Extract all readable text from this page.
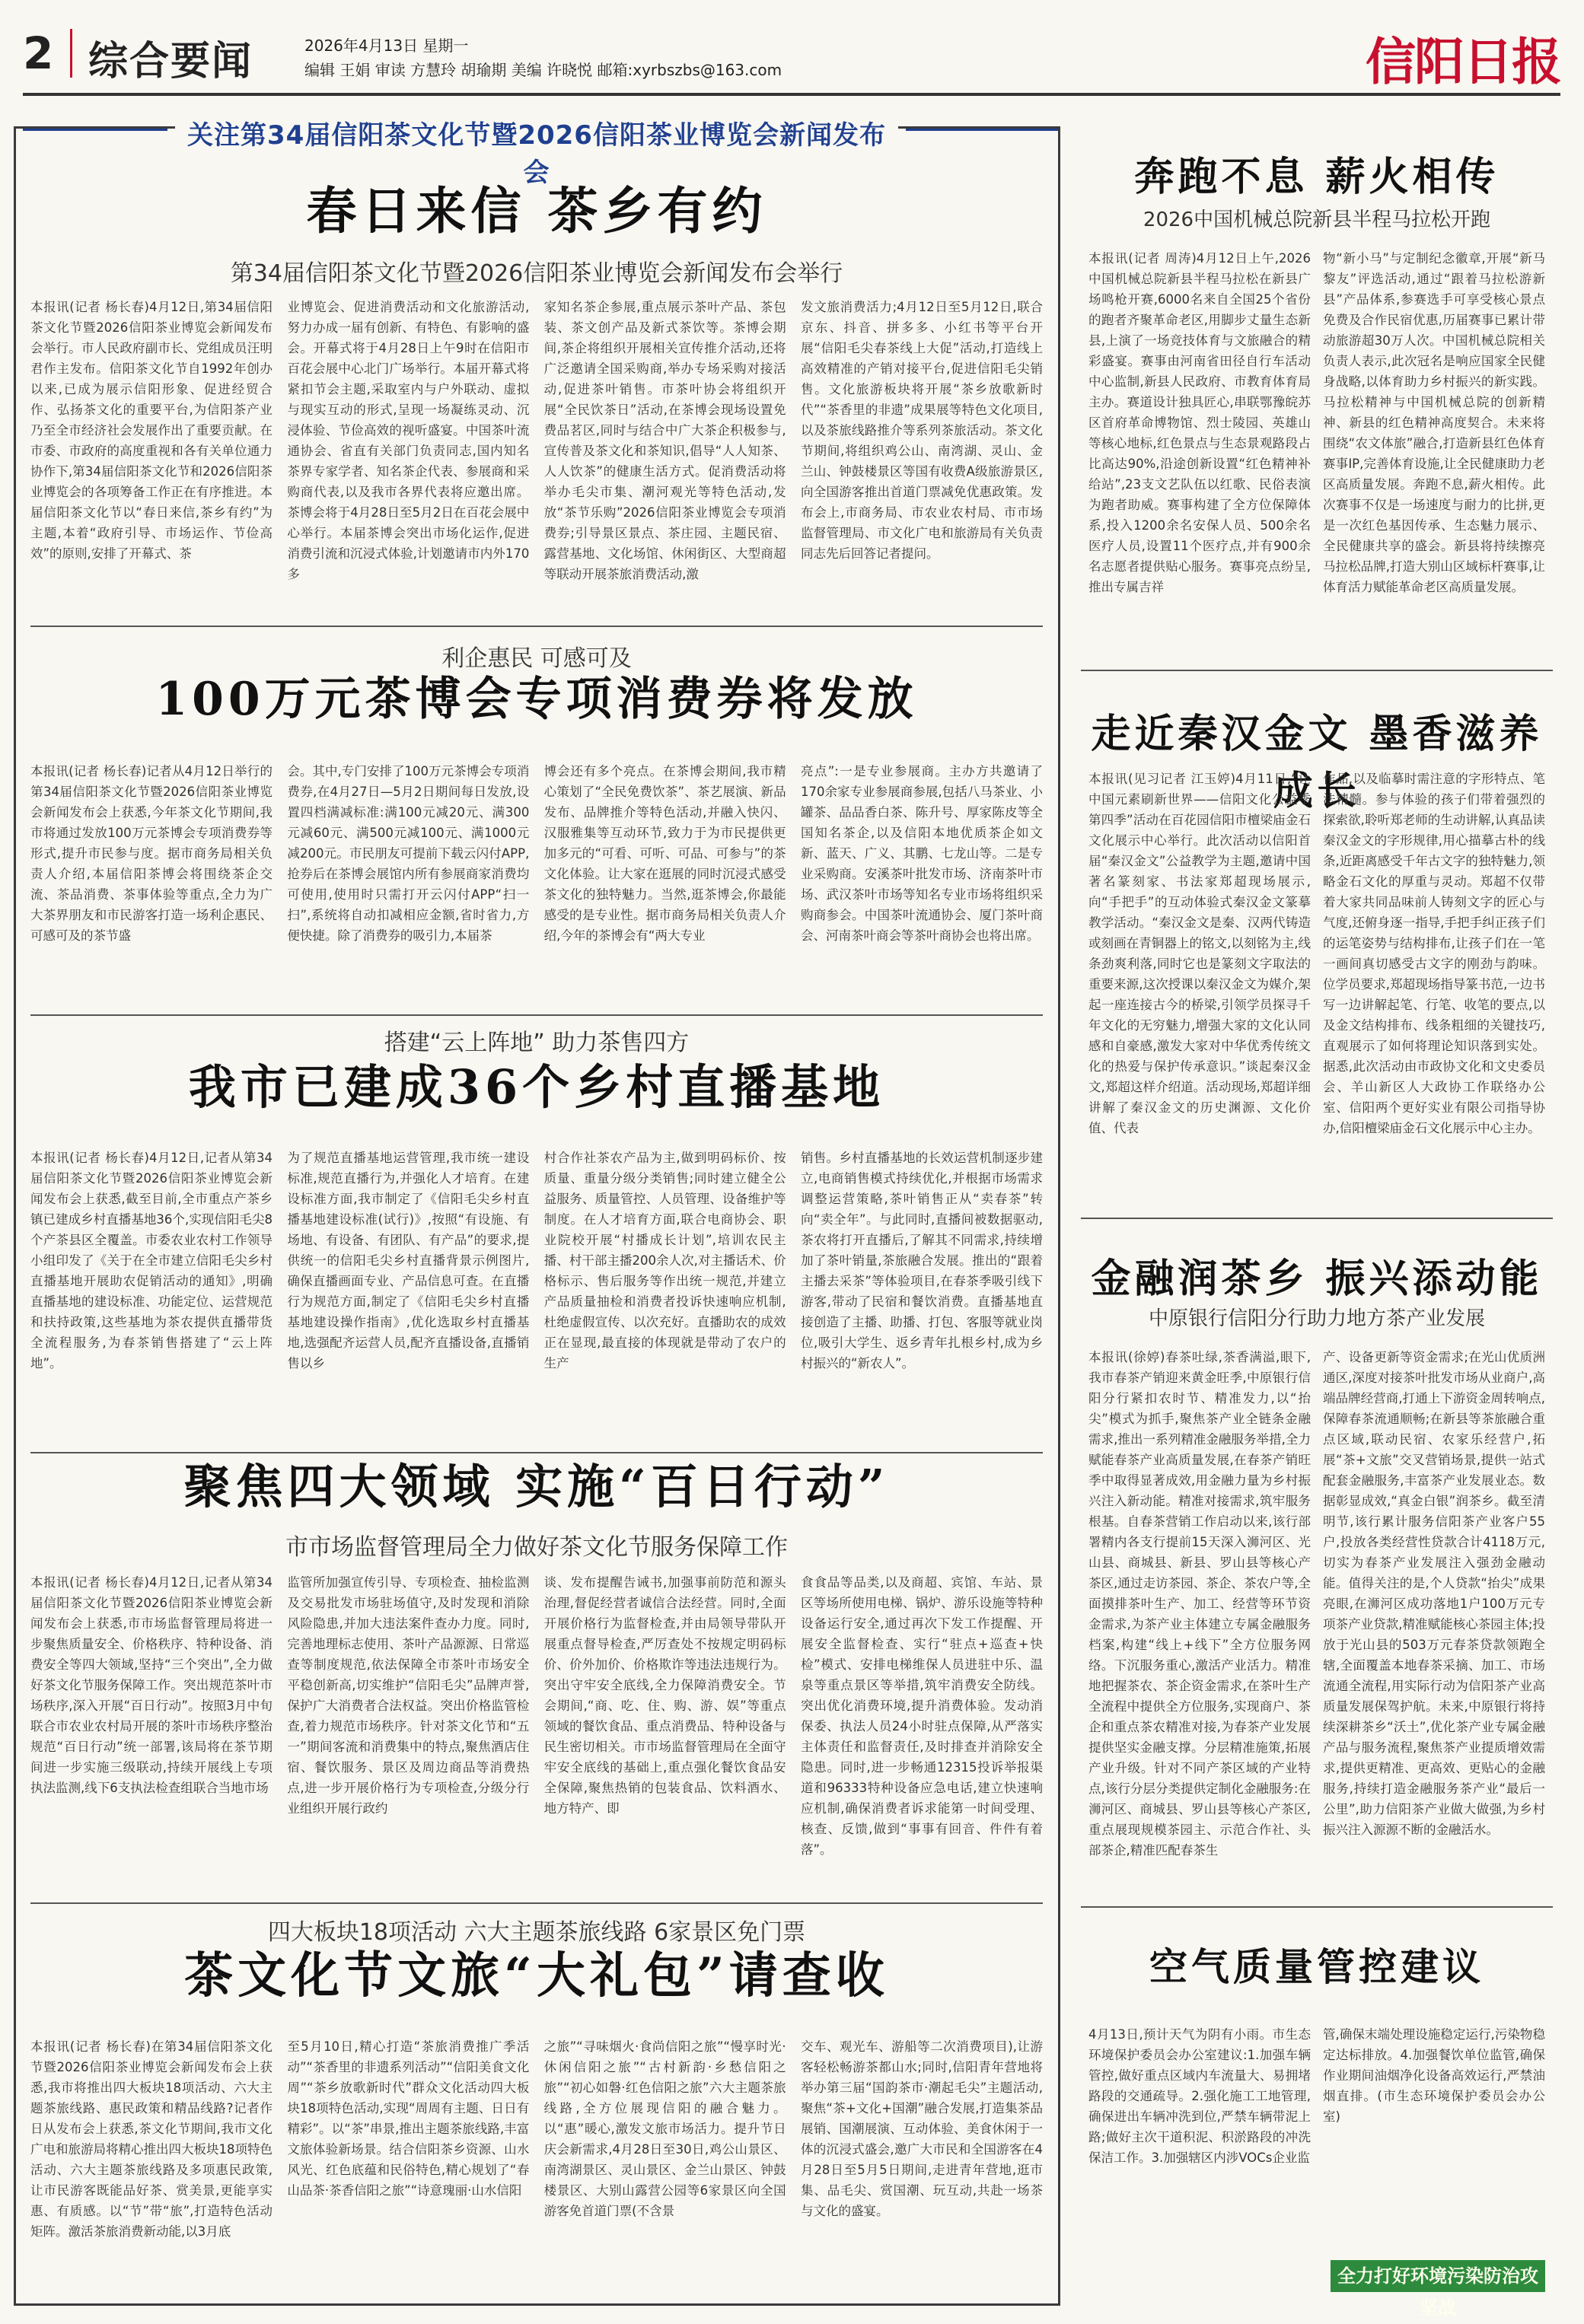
2 综合要闻	2026年4月13日 星期一
编辑 王娟 审读 方慧玲 胡瑜期 美编 许晓悦 邮箱:xyrbszbs@163.com	信阳日报
关注第34届信阳茶文化节暨2026信阳茶业博览会新闻发布会
春日来信 茶乡有约
第34届信阳茶文化节暨2026信阳茶业博览会新闻发布会举行
本报讯(记者 杨长春)4月12日,第34届信阳茶文化节暨2026信阳茶业博览会新闻发布会举行。市人民政府副市长、党组成员汪明君作主发布。信阳茶文化节自1992年创办以来,已成为展示信阳形象、促进经贸合作、弘扬茶文化的重要平台,为信阳茶产业乃至全市经济社会发展作出了重要贡献。在市委、市政府的高度重视和各有关单位通力协作下,第34届信阳茶文化节和2026信阳茶业博览会的各项筹备工作正在有序推进。本届信阳茶文化节以“春日来信,茶乡有约”为主题,本着“政府引导、市场运作、节俭高效”的原则,安排了开幕式、茶
业博览会、促进消费活动和文化旅游活动,努力办成一届有创新、有特色、有影响的盛会。开幕式将于4月28日上午9时在信阳市百花会展中心北门广场举行。本届开幕式将紧扣节会主题,采取室内与户外联动、虚拟与现实互动的形式,呈现一场凝练灵动、沉浸体验、节俭高效的视听盛宴。中国茶叶流通协会、省直有关部门负责同志,国内知名茶界专家学者、知名茶企代表、参展商和采购商代表,以及我市各界代表将应邀出席。茶博会将于4月28日至5月2日在百花会展中心举行。本届茶博会突出市场化运作,促进消费引流和沉浸式体验,计划邀请市内外170多
家知名茶企参展,重点展示茶叶产品、茶包装、茶文创产品及新式茶饮等。茶博会期间,茶企将组织开展相关宣传推介活动,还将广泛邀请全国采购商,举办专场采购对接活动,促进茶叶销售。市茶叶协会将组织开展“全民饮茶日”活动,在茶博会现场设置免费品茗区,同时与结合中广大茶企积极参与,宣传普及茶文化和茶知识,倡导“人人知茶、人人饮茶”的健康生活方式。促消费活动将举办毛尖市集、潮河观光等特色活动,发放“茶节乐购”2026信阳茶业博览会专项消费券;引导景区景点、茶庄园、主题民宿、露营基地、文化场馆、休闲街区、大型商超等联动开展茶旅消费活动,激
发文旅消费活力;4月12日至5月12日,联合京东、抖音、拼多多、小红书等平台开展“信阳毛尖春茶线上大促”活动,打造线上高效精准的产销对接平台,促进信阳毛尖销售。文化旅游板块将开展“茶乡放歌新时代”“茶香里的非遗”成果展等特色文化项目,以及茶旅线路推介等系列茶旅活动。茶文化节期间,将组织鸡公山、南湾湖、灵山、金兰山、钟鼓楼景区等国有收费A级旅游景区,向全国游客推出首道门票减免优惠政策。发布会上,市商务局、市农业农村局、市市场监督管理局、市文化广电和旅游局有关负责同志先后回答记者提问。
利企惠民 可感可及
100万元茶博会专项消费券将发放
本报讯(记者 杨长春)记者从4月12日举行的第34届信阳茶文化节暨2026信阳茶业博览会新闻发布会上获悉,今年茶文化节期间,我市将通过发放100万元茶博会专项消费券等形式,提升市民参与度。据市商务局相关负责人介绍,本届信阳茶博会将围绕茶企交流、茶品消费、茶事体验等重点,全力为广大茶界朋友和市民游客打造一场利企惠民、可感可及的茶节盛
会。其中,专门安排了100万元茶博会专项消费券,在4月27日—5月2日期间每日发放,设置四档满减标准:满100元减20元、满300元减60元、满500元减100元、满1000元减200元。市民朋友可提前下载云闪付APP,抢券后在茶博会展馆内所有参展商家消费均可使用,使用时只需打开云闪付APP“扫一扫”,系统将自动扣减相应金额,省时省力,方便快捷。除了消费券的吸引力,本届茶
博会还有多个亮点。在茶博会期间,我市精心策划了“全民免费饮茶”、茶艺展演、新品发布、品牌推介等特色活动,并融入快闪、汉服雅集等互动环节,致力于为市民提供更加多元的“可看、可听、可品、可参与”的茶文化体验。让大家在逛展的同时沉浸式感受茶文化的独特魅力。当然,逛茶博会,你最能感受的是专业性。据市商务局相关负责人介绍,今年的茶博会有“两大专业
亮点”:一是专业参展商。主办方共邀请了170余家专业参展商参展,包括八马茶业、小罐茶、品品香白茶、陈升号、厚家陈皮等全国知名茶企,以及信阳本地优质茶企如文新、蓝天、广义、其鹏、七龙山等。二是专业采购商。安溪茶叶批发市场、济南茶叶市场、武汉茶叶市场等知名专业市场将组织采购商参会。中国茶叶流通协会、厦门茶叶商会、河南茶叶商会等茶叶商协会也将出席。
搭建“云上阵地” 助力茶售四方
我市已建成36个乡村直播基地
本报讯(记者 杨长春)4月12日,记者从第34届信阳茶文化节暨2026信阳茶业博览会新闻发布会上获悉,截至目前,全市重点产茶乡镇已建成乡村直播基地36个,实现信阳毛尖8个产茶县区全覆盖。市委农业农村工作领导小组印发了《关于在全市建立信阳毛尖乡村直播基地开展助农促销活动的通知》,明确直播基地的建设标准、功能定位、运营规范和扶持政策,这些基地为茶农提供直播带货全流程服务,为春茶销售搭建了“云上阵地”。
为了规范直播基地运营管理,我市统一建设标准,规范直播行为,并强化人才培育。在建设标准方面,我市制定了《信阳毛尖乡村直播基地建设标准(试行)》,按照“有设施、有场地、有设备、有团队、有产品”的要求,提供统一的信阳毛尖乡村直播背景示例图片,确保直播画面专业、产品信息可查。在直播行为规范方面,制定了《信阳毛尖乡村直播基地建设操作指南》,优化选取乡村直播基地,选强配齐运营人员,配齐直播设备,直播销售以乡
村合作社茶农产品为主,做到明码标价、按质量、重量分级分类销售;同时建立健全公益服务、质量管控、人员管理、设备维护等制度。在人才培育方面,联合电商协会、职业院校开展“村播成长计划”,培训农民主播、村干部主播200余人次,对主播话术、价格标示、售后服务等作出统一规范,并建立产品质量抽检和消费者投诉快速响应机制,杜绝虚假宣传、以次充好。直播助农的成效正在显现,最直接的体现就是带动了农户的生产
销售。乡村直播基地的长效运营机制逐步建立,电商销售模式持续优化,并根据市场需求调整运营策略,茶叶销售正从“卖春茶”转向“卖全年”。与此同时,直播间被数据驱动,茶农将打开直播后,了解其不同需求,持续增加了茶叶销量,茶旅融合发展。推出的“跟着主播去采茶”等体验项目,在春茶季吸引线下游客,带动了民宿和餐饮消费。直播基地直接创造了主播、助播、打包、客服等就业岗位,吸引大学生、返乡青年扎根乡村,成为乡村振兴的“新农人”。
聚焦四大领域 实施“百日行动”
市市场监督管理局全力做好茶文化节服务保障工作
本报讯(记者 杨长春)4月12日,记者从第34届信阳茶文化节暨2026信阳茶业博览会新闻发布会上获悉,市市场监督管理局将进一步聚焦质量安全、价格秩序、特种设备、消费安全等四大领域,坚持“三个突出”,全力做好茶文化节服务保障工作。突出规范茶叶市场秩序,深入开展“百日行动”。按照3月中旬联合市农业农村局开展的茶叶市场秩序整治规范“百日行动”统一部署,该局将在茶节期间进一步实施三级联动,持续开展线上专项执法监测,线下6支执法检查组联合当地市场
监管所加强宣传引导、专项检查、抽检监测及交易批发市场驻场值守,及时发现和消除风险隐患,并加大违法案件查办力度。同时,完善地理标志使用、茶叶产品源源、日常巡查等制度规范,依法保障全市茶叶市场安全平稳创新高,切实维护“信阳毛尖”品牌声誉,保护广大消费者合法权益。突出价格监管检查,着力规范市场秩序。针对茶文化节和“五一”期间客流和消费集中的特点,聚焦酒店住宿、餐饮服务、景区及周边商品等消费热点,进一步开展价格行为专项检查,分级分行业组织开展行政约
谈、发布提醒告诫书,加强事前防范和源头治理,督促经营者诚信合法经营。同时,全面开展价格行为监督检查,并由局领导带队开展重点督导检查,严厉查处不按规定明码标价、价外加价、价格欺诈等违法违规行为。突出守牢安全底线,全力保障消费安全。节会期间,“商、吃、住、购、游、娱”等重点领域的餐饮食品、重点消费品、特种设备与民生密切相关。市市场监督管理局在全面守牢安全底线的基础上,重点强化餐饮食品安全保障,聚焦热销的包装食品、饮料酒水、地方特产、即
食食品等品类,以及商超、宾馆、车站、景区等场所使用电梯、锅炉、游乐设施等特种设备运行安全,通过再次下发工作提醒、开展安全监督检查、实行“驻点+巡查+快检”模式、安排电梯维保人员进驻中乐、温泉等重点景区等举措,筑牢消费安全防线。突出优化消费环境,提升消费体验。发动消保委、执法人员24小时驻点保障,从严落实主体责任和监督责任,及时排查并消除安全隐患。同时,进一步畅通12315投诉举报渠道和96333特种设备应急电话,建立快速响应机制,确保消费者诉求能第一时间受理、核查、反馈,做到“事事有回音、件件有着落”。
四大板块18项活动 六大主题茶旅线路 6家景区免门票
茶文化节文旅“大礼包”请查收
本报讯(记者 杨长春)在第34届信阳茶文化节暨2026信阳茶业博览会新闻发布会上获悉,我市将推出四大板块18项活动、六大主题茶旅线路、惠民政策和精品线路?记者作日从发布会上获悉,茶文化节期间,我市文化广电和旅游局将精心推出四大板块18项特色活动、六大主题茶旅线路及多项惠民政策,让市民游客既能品好茶、赏美景,更能享实惠、有质感。以“节”带“旅”,打造特色活动矩阵。激活茶旅消费新动能,以3月底
至5月10日,精心打造“茶旅消费推广季活动”“茶香里的非遗系列活动”“信阳美食文化周”“茶乡放歌新时代”群众文化活动四大板块18项特色活动,实现“周周有主题、日日有精彩”。以“茶”串景,推出主题茶旅线路,丰富文旅体验新场景。结合信阳茶乡资源、山水风光、红色底蕴和民俗特色,精心规划了“春山品茶·茶香信阳之旅”“诗意瑰丽·山水信阳
之旅”“寻味烟火·食尚信阳之旅”“慢享时光·休闲信阳之旅”“古村新韵·乡愁信阳之旅”“初心如磐·红色信阳之旅”六大主题茶旅线路,全方位展现信阳的融合魅力。以“惠”暖心,激发文旅市场活力。提升节日庆会新需求,4月28日至30日,鸡公山景区、南湾湖景区、灵山景区、金兰山景区、钟鼓楼景区、大别山露营公园等6家景区向全国游客免首道门票(不含景
交车、观光车、游船等二次消费项目),让游客轻松畅游茶都山水;同时,信阳青年营地将举办第三届“国韵茶市·潮起毛尖”主题活动,聚焦“茶+文化+国潮”融合发展,打造集茶品展销、国潮展演、互动体验、美食休闲于一体的沉浸式盛会,邀广大市民和全国游客在4月28日至5月5日期间,走进青年营地,逛市集、品毛尖、赏国潮、玩互动,共赴一场茶与文化的盛宴。
奔跑不息 薪火相传
2026中国机械总院新县半程马拉松开跑
本报讯(记者 周涛)4月12日上午,2026中国机械总院新县半程马拉松在新县广场鸣枪开赛,6000名来自全国25个省份的跑者齐聚革命老区,用脚步丈量生态新县,上演了一场竞技体育与文旅融合的精彩盛宴。赛事由河南省田径自行车活动中心监制,新县人民政府、市教育体育局主办。赛道设计独具匠心,串联鄂豫皖苏区首府革命博物馆、烈士陵园、英雄山等核心地标,红色景点与生态景观路段占比高达90%,沿途创新设置“红色精神补给站”,23支文艺队伍以红歌、民俗表演为跑者助威。赛事构建了全方位保障体系,投入1200余名安保人员、500余名医疗人员,设置11个医疗点,并有900余名志愿者提供贴心服务。赛事亮点纷呈,推出专属吉祥
物“新小马”与定制纪念徽章,开展“新马黎友”评选活动,通过“跟着马拉松游新县”产品体系,参赛选手可享受核心景点免费及合作民宿优惠,历届赛事已累计带动旅游超30万人次。中国机械总院相关负责人表示,此次冠名是响应国家全民健身战略,以体育助力乡村振兴的新实践。马拉松精神与中国机械总院的创新精神、新县的红色精神高度契合。未来将围绕“农文体旅”融合,打造新县红色体育赛事IP,完善体育设施,让全民健康助力老区高质量发展。奔跑不息,薪火相传。此次赛事不仅是一场速度与耐力的比拼,更是一次红色基因传承、生态魅力展示、全民健康共享的盛会。新县将持续擦亮马拉松品牌,打造大别山区域标杆赛事,让体育活力赋能革命老区高质量发展。
走近秦汉金文 墨香滋养成长
本报讯(见习记者 江玉婷)4月11日,“让中国元素刷新世界——信阳文化公益季第四季”活动在百花园信阳市檀梁庙金石文化展示中心举行。此次活动以信阳首届“秦汉金文”公益教学为主题,邀请中国著名篆刻家、书法家郑超现场展示,向“手把手”的互动体验式秦汉金文篆摹教学活动。“秦汉金文是秦、汉两代铸造或刻画在青铜器上的铭文,以刻铭为主,线条劲爽利落,同时它也是篆刻文字取法的重要来源,这次授课以秦汉金文为媒介,架起一座连接古今的桥梁,引领学员探寻千年文化的无穷魅力,增强大家的文化认同感和自豪感,激发大家对中华优秀传统文化的热爱与保护传承意识。”谈起秦汉金文,郑超这样介绍道。活动现场,郑超详细讲解了秦汉金文的历史渊源、文化价值、代表
作品,以及临摹时需注意的字形特点、笔法精髓。参与体验的孩子们带着强烈的探索欲,聆听郑老师的生动讲解,认真品读秦汉金文的字形规律,用心描摹古朴的线条,近距离感受千年古文字的独特魅力,领略金石文化的厚重与灵动。郑超不仅带着大家共同品味前人铸刻文字的匠心与气度,还俯身逐一指导,手把手纠正孩子们的运笔姿势与结构排布,让孩子们在一笔一画间真切感受古文字的刚劲与韵味。位学员要求,郑超现场指导篆书范,一边书写一边讲解起笔、行笔、收笔的要点,以及金文结构排布、线条粗细的关键技巧,直观展示了如何将理论知识落到实处。据悉,此次活动由市政协文化和文史委员会、羊山新区人大政协工作联络办公室、信阳两个更好实业有限公司指导协办,信阳檀梁庙金石文化展示中心主办。
金融润茶乡 振兴添动能
中原银行信阳分行助力地方茶产业发展
本报讯(徐婷)春茶吐绿,茶香满溢,眼下,我市春茶产销迎来黄金旺季,中原银行信阳分行紧扣农时节、精准发力,以“抬尖”模式为抓手,聚焦茶产业全链条金融需求,推出一系列精准金融服务举措,全力赋能春茶产业高质量发展,在春茶产销旺季中取得显著成效,用金融力量为乡村振兴注入新动能。精准对接需求,筑牢服务根基。自春茶营销工作启动以来,该行部署精内各支行提前15天深入浉河区、光山县、商城县、新县、罗山县等核心产茶区,通过走访茶园、茶企、茶农户等,全面摸排茶叶生产、加工、经营等环节资金需求,为茶产业主体建立专属金融服务档案,构建“线上+线下”全方位服务网络。下沉服务重心,激活产业活力。精准地把握茶农、茶企资金需求,在茶叶生产全流程中提供全方位服务,实现商户、茶企和重点茶农精准对接,为春茶产业发展提供坚实金融支撑。分层精准施策,拓展产业升级。针对不同产茶区域的产业特点,该行分层分类提供定制化金融服务:在浉河区、商城县、罗山县等核心产茶区,重点展现规模茶园主、示范合作社、头部茶企,精准匹配春茶生
产、设备更新等资金需求;在光山优质洲通区,深度对接茶叶批发市场从业商户,高端品牌经营商,打通上下游资金周转响点,保障春茶流通顺畅;在新县等茶旅融合重点区域,联动民宿、农家乐经营户,拓展“茶+文旅”交叉营销场景,提供一站式配套金融服务,丰富茶产业发展业态。数据彰显成效,“真金白银”润茶乡。截至清明节,该行累计服务信阳茶产业客户55户,投放各类经营性贷款合计4118万元,切实为春茶产业发展注入强劲金融动能。值得关注的是,个人贷款“抬尖”成果亮眼,在浉河区成功落地1户100万元专项茶产业贷款,精准赋能核心茶园主体;投放于光山县的503万元春茶贷款领跑全辖,全面覆盖本地春茶采摘、加工、市场流通全流程,用实际行动为信阳茶产业高质量发展保驾护航。未来,中原银行将持续深耕茶乡“沃土”,优化茶产业专属金融产品与服务流程,聚焦茶产业提质增效需求,提供更精准、更高效、更贴心的金融服务,持续打造金融服务茶产业“最后一公里”,助力信阳茶产业做大做强,为乡村振兴注入源源不断的金融活水。
空气质量管控建议
4月13日,预计天气为阴有小雨。市生态环境保护委员会办公室建议:1.加强车辆管控,做好重点区域内车流量大、易拥堵路段的交通疏导。2.强化施工工地管理,确保进出车辆冲洗到位,严禁车辆带泥上路;做好主次干道积泥、积淤路段的冲洗保洁工作。3.加强辖区内涉VOCs企业监
管,确保末端处理设施稳定运行,污染物稳定达标排放。4.加强餐饮单位监管,确保作业期间油烟净化设备高效运行,严禁油烟直排。(市生态环境保护委员会办公室)
全力打好环境污染防治攻坚战
